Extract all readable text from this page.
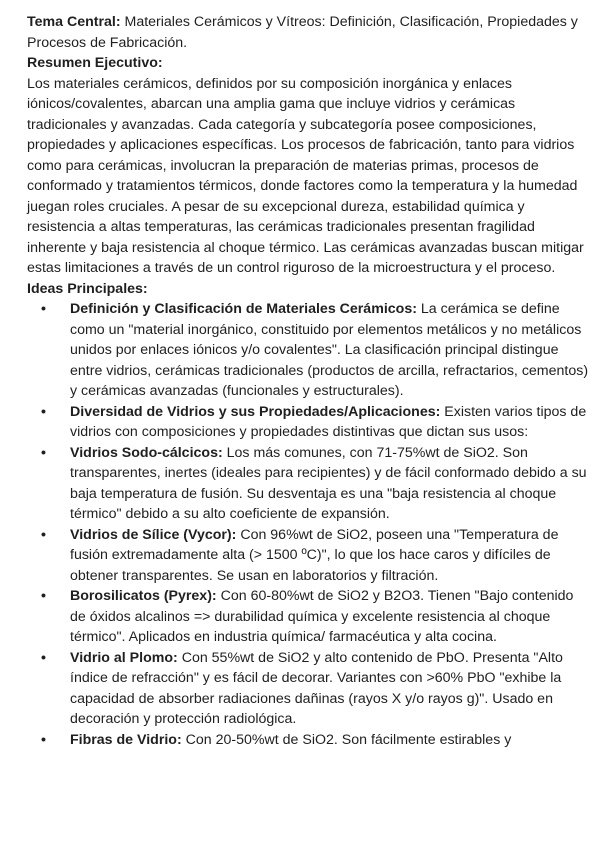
Tema Central: Materiales Cerámicos y Vítreos: Definición, Clasificación, Propiedades y Procesos de Fabricación.

Resumen Ejecutivo:

Los materiales cerámicos, definidos por su composición inorgánica y enlaces iónicos/covalentes, abarcan una amplia gama que incluye vidrios y cerámicas tradicionales y avanzadas. Cada categoría y subcategoría posee composiciones, propiedades y aplicaciones específicas. Los procesos de fabricación, tanto para vidrios como para cerámicas, involucran la preparación de materias primas, procesos de conformado y tratamientos térmicos, donde factores como la temperatura y la humedad juegan roles cruciales. A pesar de su excepcional dureza, estabilidad química y resistencia a altas temperaturas, las cerámicas tradicionales presentan fragilidad inherente y baja resistencia al choque térmico. Las cerámicas avanzadas buscan mitigar estas limitaciones a través de un control riguroso de la microestructura y el proceso.

Ideas Principales:

• Definición y Clasificación de Materiales Cerámicos: La cerámica se define como un "material inorgánico, constituido por elementos metálicos y no metálicos unidos por enlaces iónicos y/o covalentes". La clasificación principal distingue entre vidrios, cerámicas tradicionales (productos de arcilla, refractarios, cementos) y cerámicas avanzadas (funcionales y estructurales).
• Diversidad de Vidrios y sus Propiedades/Aplicaciones: Existen varios tipos de vidrios con composiciones y propiedades distintivas que dictan sus usos:
• Vidrios Sodo-cálcicos: Los más comunes, con 71-75%wt de SiO2. Son transparentes, inertes (ideales para recipientes) y de fácil conformado debido a su baja temperatura de fusión. Su desventaja es una "baja resistencia al choque térmico" debido a su alto coeficiente de expansión.
• Vidrios de Sílice (Vycor): Con 96%wt de SiO2, poseen una "Temperatura de fusión extremadamente alta (> 1500 ºC)", lo que los hace caros y difíciles de obtener transparentes. Se usan en laboratorios y filtración.
• Borosilicatos (Pyrex): Con 60-80%wt de SiO2 y B2O3. Tienen "Bajo contenido de óxidos alcalinos => durabilidad química y excelente resistencia al choque térmico". Aplicados en industria química/ farmacéutica y alta cocina.
• Vidrio al Plomo: Con 55%wt de SiO2 y alto contenido de PbO. Presenta "Alto índice de refracción" y es fácil de decorar. Variantes con >60% PbO "exhibe la capacidad de absorber radiaciones dañinas (rayos X y/o rayos g)". Usado en decoración y protección radiológica.
• Fibras de Vidrio: Con 20-50%wt de SiO2. Son fácilmente estirables y
